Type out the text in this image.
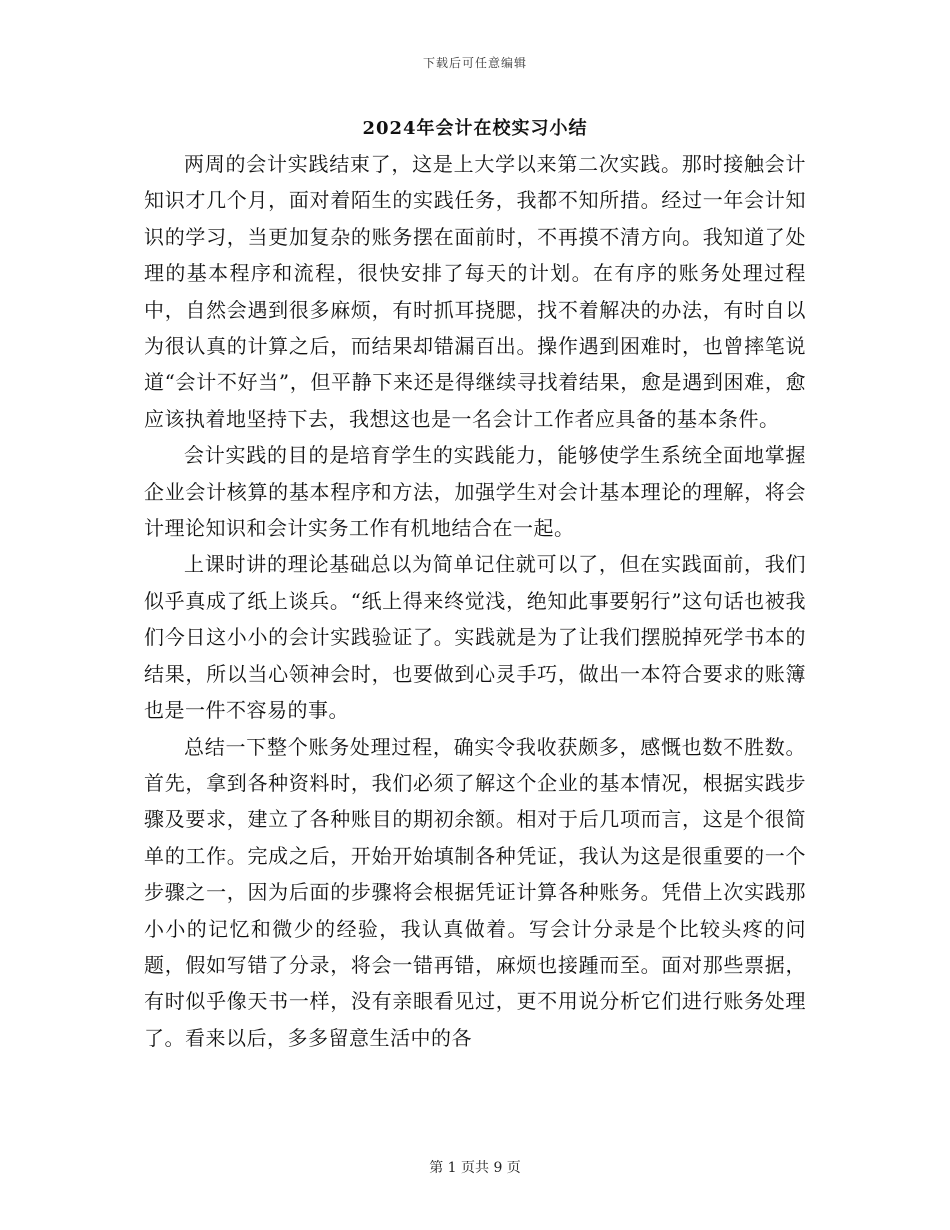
下载后可任意编辑
2024年会计在校实习小结

两周的会计实践结束了，这是上大学以来第二次实践。那时接触会计知识才几个月，面对着陌生的实践任务，我都不知所措。经过一年会计知识的学习，当更加复杂的账务摆在面前时，不再摸不清方向。我知道了处理的基本程序和流程，很快安排了每天的计划。在有序的账务处理过程中，自然会遇到很多麻烦，有时抓耳挠腮，找不着解决的办法，有时自以为很认真的计算之后，而结果却错漏百出。操作遇到困难时，也曾摔笔说道“会计不好当”，但平静下来还是得继续寻找着结果，愈是遇到困难，愈应该执着地坚持下去，我想这也是一名会计工作者应具备的基本条件。

会计实践的目的是培育学生的实践能力，能够使学生系统全面地掌握企业会计核算的基本程序和方法，加强学生对会计基本理论的理解，将会计理论知识和会计实务工作有机地结合在一起。

上课时讲的理论基础总以为简单记住就可以了，但在实践面前，我们似乎真成了纸上谈兵。“纸上得来终觉浅，绝知此事要躬行”这句话也被我们今日这小小的会计实践验证了。实践就是为了让我们摆脱掉死学书本的结果，所以当心领神会时，也要做到心灵手巧，做出一本符合要求的账簿也是一件不容易的事。

总结一下整个账务处理过程，确实令我收获颇多，感慨也数不胜数。首先，拿到各种资料时，我们必须了解这个企业的基本情况，根据实践步骤及要求，建立了各种账目的期初余额。相对于后几项而言，这是个很简单的工作。完成之后，开始开始填制各种凭证，我认为这是很重要的一个步骤之一，因为后面的步骤将会根据凭证计算各种账务。凭借上次实践那小小的记忆和微少的经验，我认真做着。写会计分录是个比较头疼的问题，假如写错了分录，将会一错再错，麻烦也接踵而至。面对那些票据，有时似乎像天书一样，没有亲眼看见过，更不用说分析它们进行账务处理了。看来以后，多多留意生活中的各

第 1 页共 9 页
